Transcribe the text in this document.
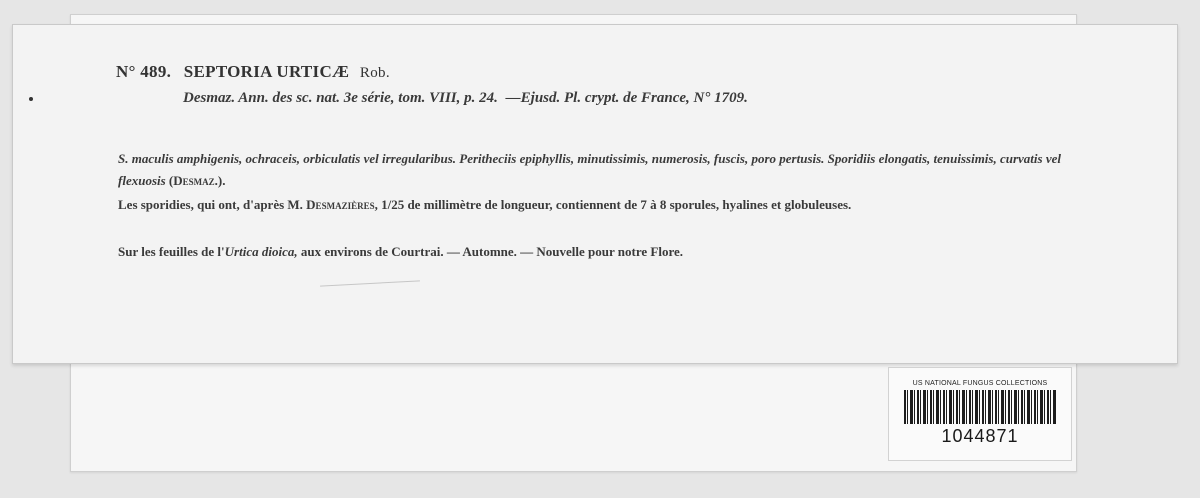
N° 489. SEPTORIA URTICÆ Rob.

Desmaz. Ann. des sc. nat. 3e série, tom. VIII, p. 24. —Ejusd. Pl. crypt. de France, N° 1709.

S. maculis amphigenis, ochraceis, orbiculatis vel irregularibus. Peritheciis epiphyllis, minutissimis, numerosis, fuscis, poro pertusis. Sporidiis elongatis, tenuissimis, curvatis vel flexuosis (Desmaz.).

Les sporidies, qui ont, d'après M. Desmazières, 1/25 de millimètre de longueur, contiennent de 7 à 8 sporules, hyalines et globuleuses.

Sur les feuilles de l'Urtica dioica, aux environs de Courtrai. — Automne. — Nouvelle pour notre Flore.

US NATIONAL FUNGUS COLLECTIONS

1044871
